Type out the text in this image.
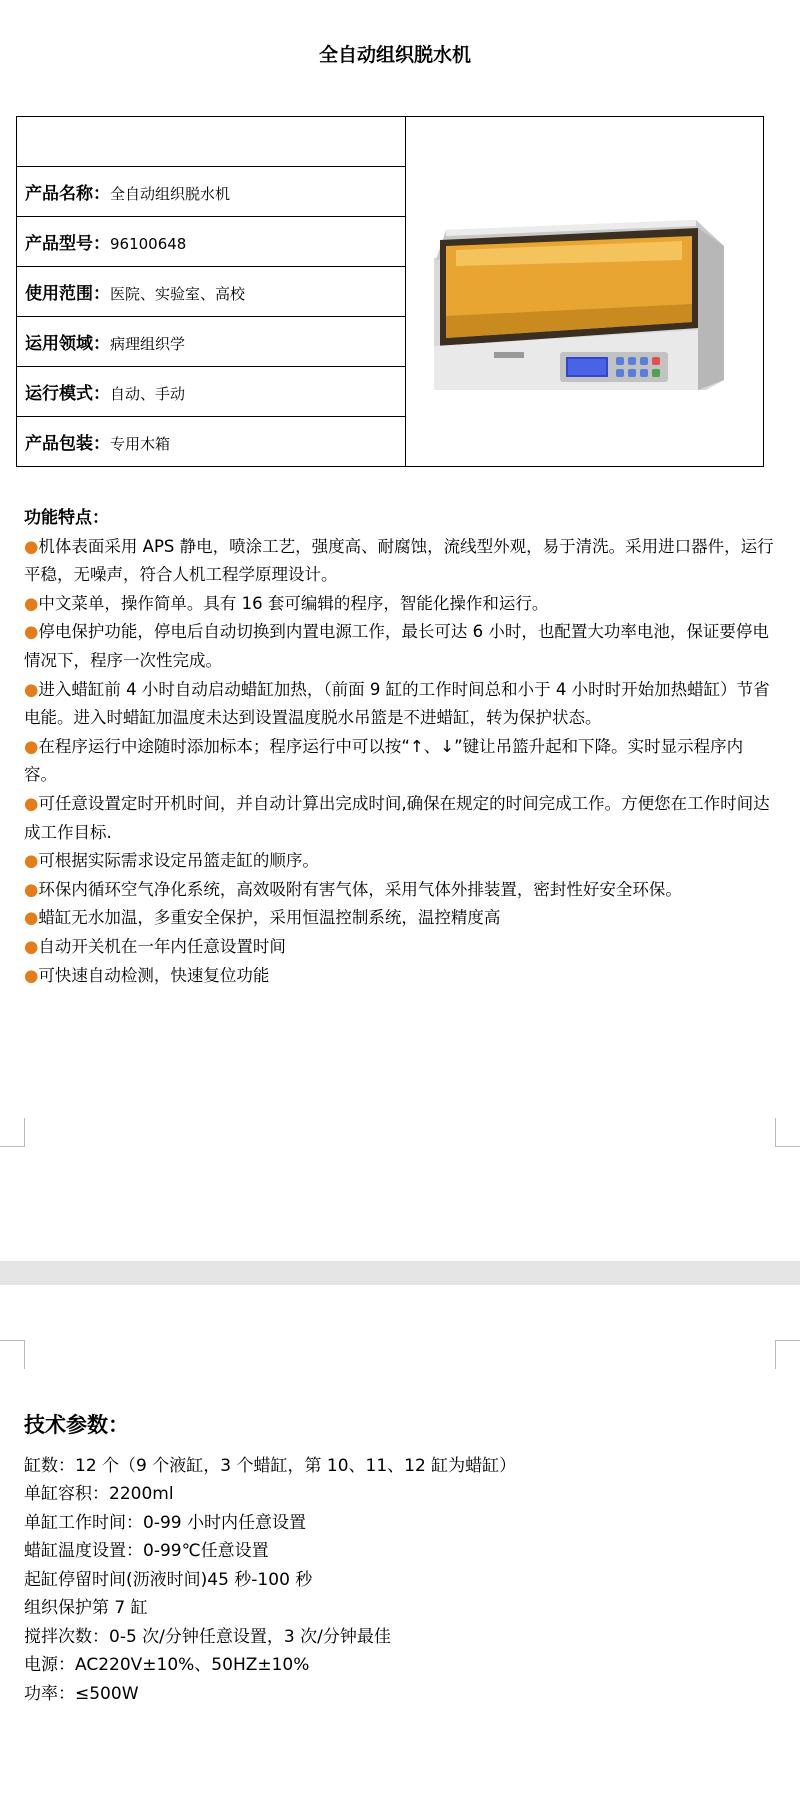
全自动组织脱水机

产品名称：全自动组织脱水机
产品型号：96100648
使用范围：医院、实验室、高校
运用领域：病理组织学
运行模式：自动、手动
产品包装：专用木箱
功能特点：
●机体表面采用 APS 静电，喷涂工艺，强度高、耐腐蚀，流线型外观，易于清洗。采用进口器件，运行平稳，无噪声，符合人机工程学原理设计。
●中文菜单，操作简单。具有 16 套可编辑的程序，智能化操作和运行。
●停电保护功能，停电后自动切换到内置电源工作，最长可达 6 小时，也配置大功率电池，保证要停电情况下，程序一次性完成。
●进入蜡缸前 4 小时自动启动蜡缸加热，（前面 9 缸的工作时间总和小于 4 小时时开始加热蜡缸）节省电能。进入时蜡缸加温度未达到设置温度脱水吊篮是不进蜡缸，转为保护状态。
●在程序运行中途随时添加标本；程序运行中可以按“↑、↓”键让吊篮升起和下降。实时显示程序内容。
●可任意设置定时开机时间，并自动计算出完成时间,确保在规定的时间完成工作。方便您在工作时间达成工作目标.
●可根据实际需求设定吊篮走缸的顺序。
●环保内循环空气净化系统，高效吸附有害气体，采用气体外排装置，密封性好安全环保。
●蜡缸无水加温，多重安全保护，采用恒温控制系统，温控精度高
●自动开关机在一年内任意设置时间
●可快速自动检测，快速复位功能
技术参数：
缸数：12 个（9 个液缸，3 个蜡缸，第 10、11、12 缸为蜡缸）
单缸容积：2200ml
单缸工作时间：0-99 小时内任意设置
蜡缸温度设置：0-99℃任意设置
起缸停留时间(沥液时间)45 秒-100 秒
组织保护第 7 缸
搅拌次数：0-5 次/分钟任意设置，3 次/分钟最佳
电源：AC220V±10%、50HZ±10%
功率：≤500W
